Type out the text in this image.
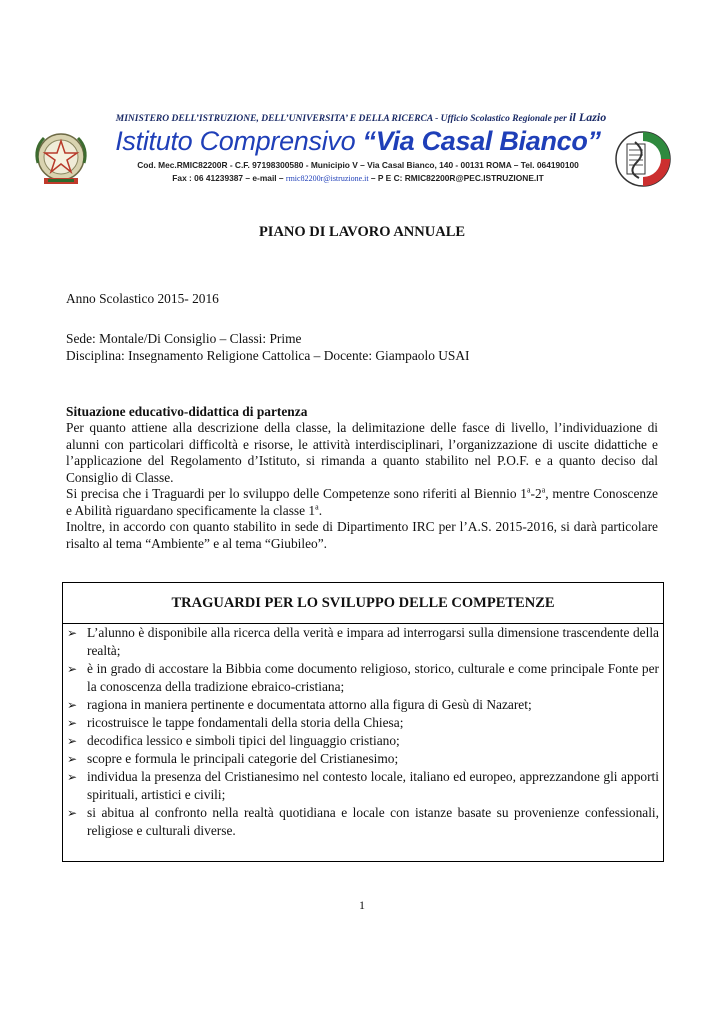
MINISTERO DELL’ISTRUZIONE, DELL’UNIVERSITA’ E DELLA RICERCA - Ufficio Scolastico Regionale per il Lazio
Istituto Comprensivo “Via Casal Bianco”
Cod. Mec.RMIC82200R - C.F. 97198300580 - Municipio V – Via Casal Bianco, 140 - 00131 ROMA – Tel. 064190100
Fax : 06 41239387 – e-mail – rmic82200r@istruzione.it – P E C: RMIC82200R@PEC.ISTRUZIONE.IT
PIANO DI LAVORO ANNUALE
Anno Scolastico 2015- 2016
Sede: Montale/Di Consiglio – Classi: Prime
Disciplina: Insegnamento Religione Cattolica – Docente: Giampaolo USAI
Situazione educativo-didattica di partenza

Per quanto attiene alla descrizione della classe, la delimitazione delle fasce di livello, l’individuazione di alunni con particolari difficoltà e risorse, le attività interdisciplinari, l’organizzazione di uscite didattiche e l’applicazione del Regolamento d’Istituto, si rimanda a quanto stabilito nel P.O.F. e a quanto deciso dal Consiglio di Classe.

Si precisa che i Traguardi per lo sviluppo delle Competenze sono riferiti al Biennio 1$^a$-2$^a$, mentre Conoscenze e Abilità riguardano specificamente la classe 1$^a$.

Inoltre, in accordo con quanto stabilito in sede di Dipartimento IRC per l’A.S. 2015-2016, si darà particolare risalto al tema “Ambiente” e al tema “Giubileo”.

TRAGUARDI PER LO SVILUPPO DELLE COMPETENZE
➢ L’alunno è disponibile alla ricerca della verità e impara ad interrogarsi sulla dimensione trascendente della realtà;
➢ è in grado di accostare la Bibbia come documento religioso, storico, culturale e come principale Fonte per la conoscenza della tradizione ebraico-cristiana;
➢ ragiona in maniera pertinente e documentata attorno alla figura di Gesù di Nazaret;
➢ ricostruisce le tappe fondamentali della storia della Chiesa;
➢ decodifica lessico e simboli tipici del linguaggio cristiano;
➢ scopre e formula le principali categorie del Cristianesimo;
➢ individua la presenza del Cristianesimo nel contesto locale, italiano ed europeo, apprezzandone gli apporti spirituali, artistici e civili;
➢ si abitua al confronto nella realtà quotidiana e locale con istanze basate su provenienze confessionali, religiose e culturali diverse.
1
